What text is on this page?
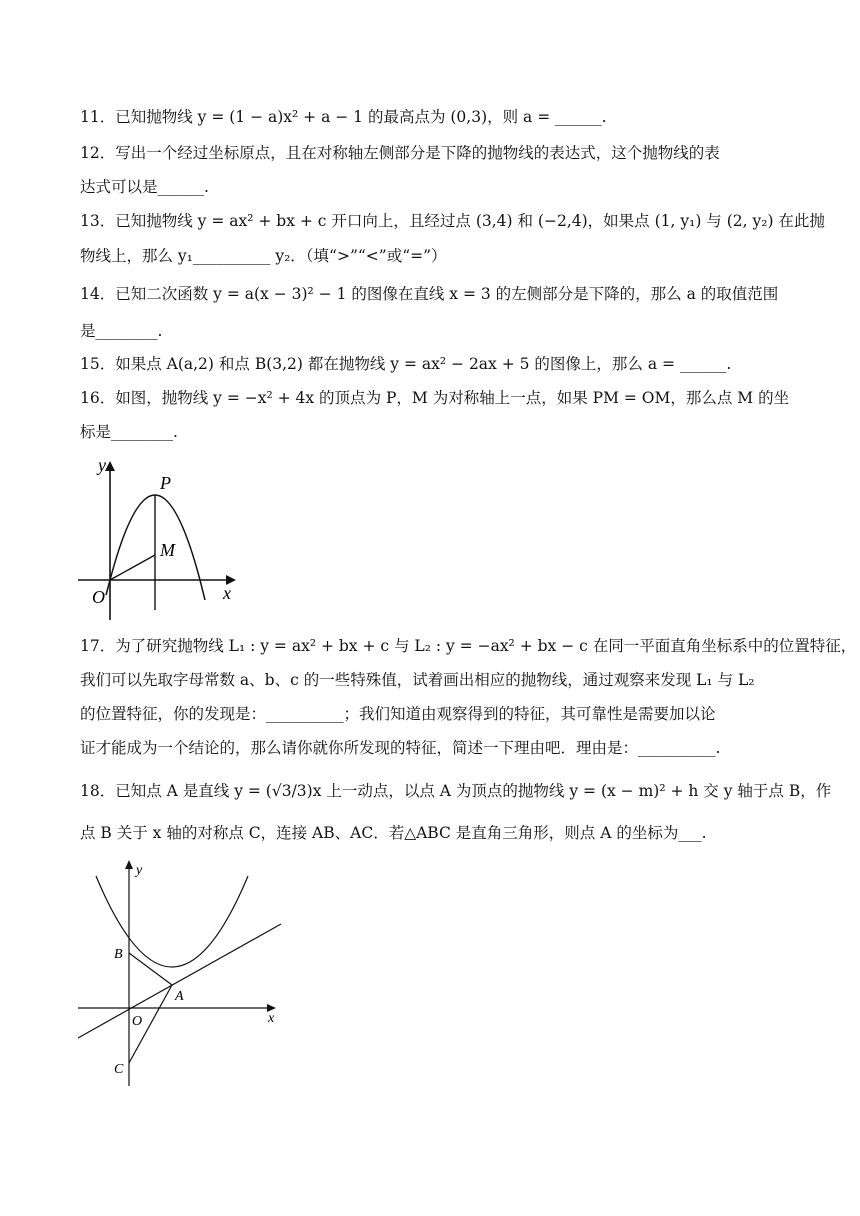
11．已知抛物线 y = (1 − a)x² + a − 1 的最高点为 (0,3)，则 a = ______.
12．写出一个经过坐标原点，且在对称轴左侧部分是下降的抛物线的表达式，这个抛物线的表
达式可以是______.
13．已知抛物线 y = ax² + bx + c 开口向上，且经过点 (3,4) 和 (−2,4)，如果点 (1, y₁) 与 (2, y₂) 在此抛
物线上，那么 y₁__________ y₂．（填“>”“<”或“=”）
14．已知二次函数 y = a(x − 3)² − 1 的图像在直线 x = 3 的左侧部分是下降的，那么 a 的取值范围
是________.
15．如果点 A(a,2) 和点 B(3,2) 都在抛物线 y = ax² − 2ax + 5 的图像上，那么 a = ______.
16．如图，抛物线 y = −x² + 4x 的顶点为 P，M 为对称轴上一点，如果 PM = OM，那么点 M 的坐
标是________.
y
x
O
P
M
17．为了研究抛物线 L₁ : y = ax² + bx + c 与 L₂ : y = −ax² + bx − c 在同一平面直角坐标系中的位置特征，
我们可以先取字母常数 a、b、c 的一些特殊值，试着画出相应的抛物线，通过观察来发现 L₁ 与 L₂
的位置特征，你的发现是：__________；我们知道由观察得到的特征，其可靠性是需要加以论
证才能成为一个结论的，那么请你就你所发现的特征，简述一下理由吧．理由是：__________.
18．已知点 A 是直线 y = (√3/3)x 上一动点，以点 A 为顶点的抛物线 y = (x − m)² + h 交 y 轴于点 B，作
点 B 关于 x 轴的对称点 C，连接 AB、AC．若△ABC 是直角三角形，则点 A 的坐标为___.
y
x
O
A
B
C
